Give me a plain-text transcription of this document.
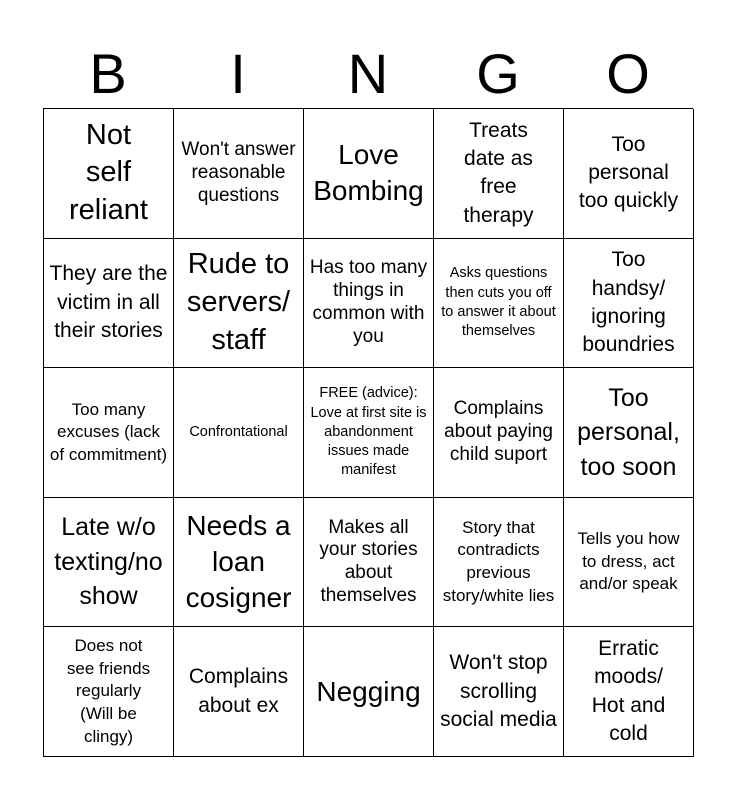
B	I	N	G	O
Not self reliant
Won't answer reasonable questions
Love Bombing
Treats date as free therapy
Too personal too quickly
They are the victim in all their stories
Rude to servers/ staff
Has too many things in common with you
Asks questions then cuts you off to answer it about themselves
Too handsy/ ignoring boundries
Too many excuses (lack of commitment)
Confrontational
FREE (advice): Love at first site is abandonment issues made manifest
Complains about paying child suport
Too personal, too soon
Late w/o texting/no show
Needs a loan cosigner
Makes all your stories about themselves
Story that contradicts previous story/white lies
Tells you how to dress, act and/or speak
Does not see friends regularly (Will be clingy)
Complains about ex	Negging
Won't stop scrolling social media
Erratic moods/ Hot and cold
